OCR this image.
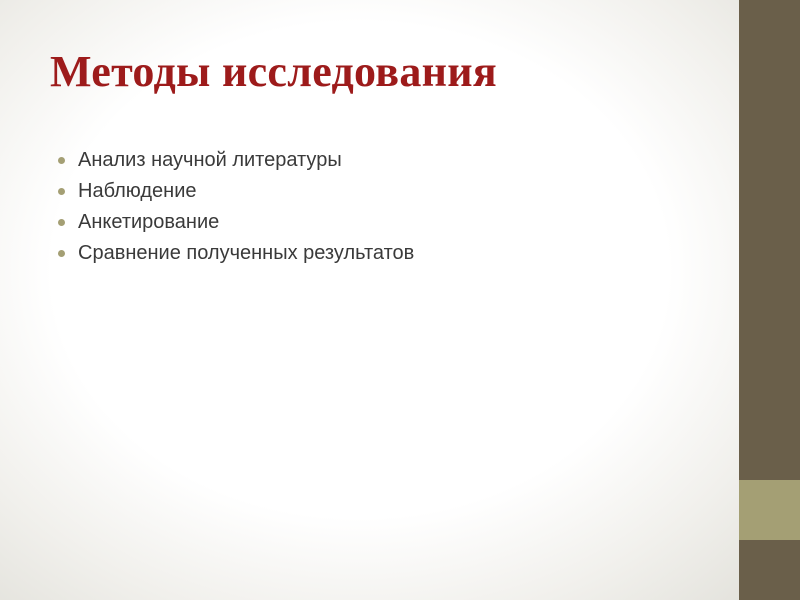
Методы исследования
Анализ научной литературы
Наблюдение
Анкетирование
Сравнение полученных результатов
